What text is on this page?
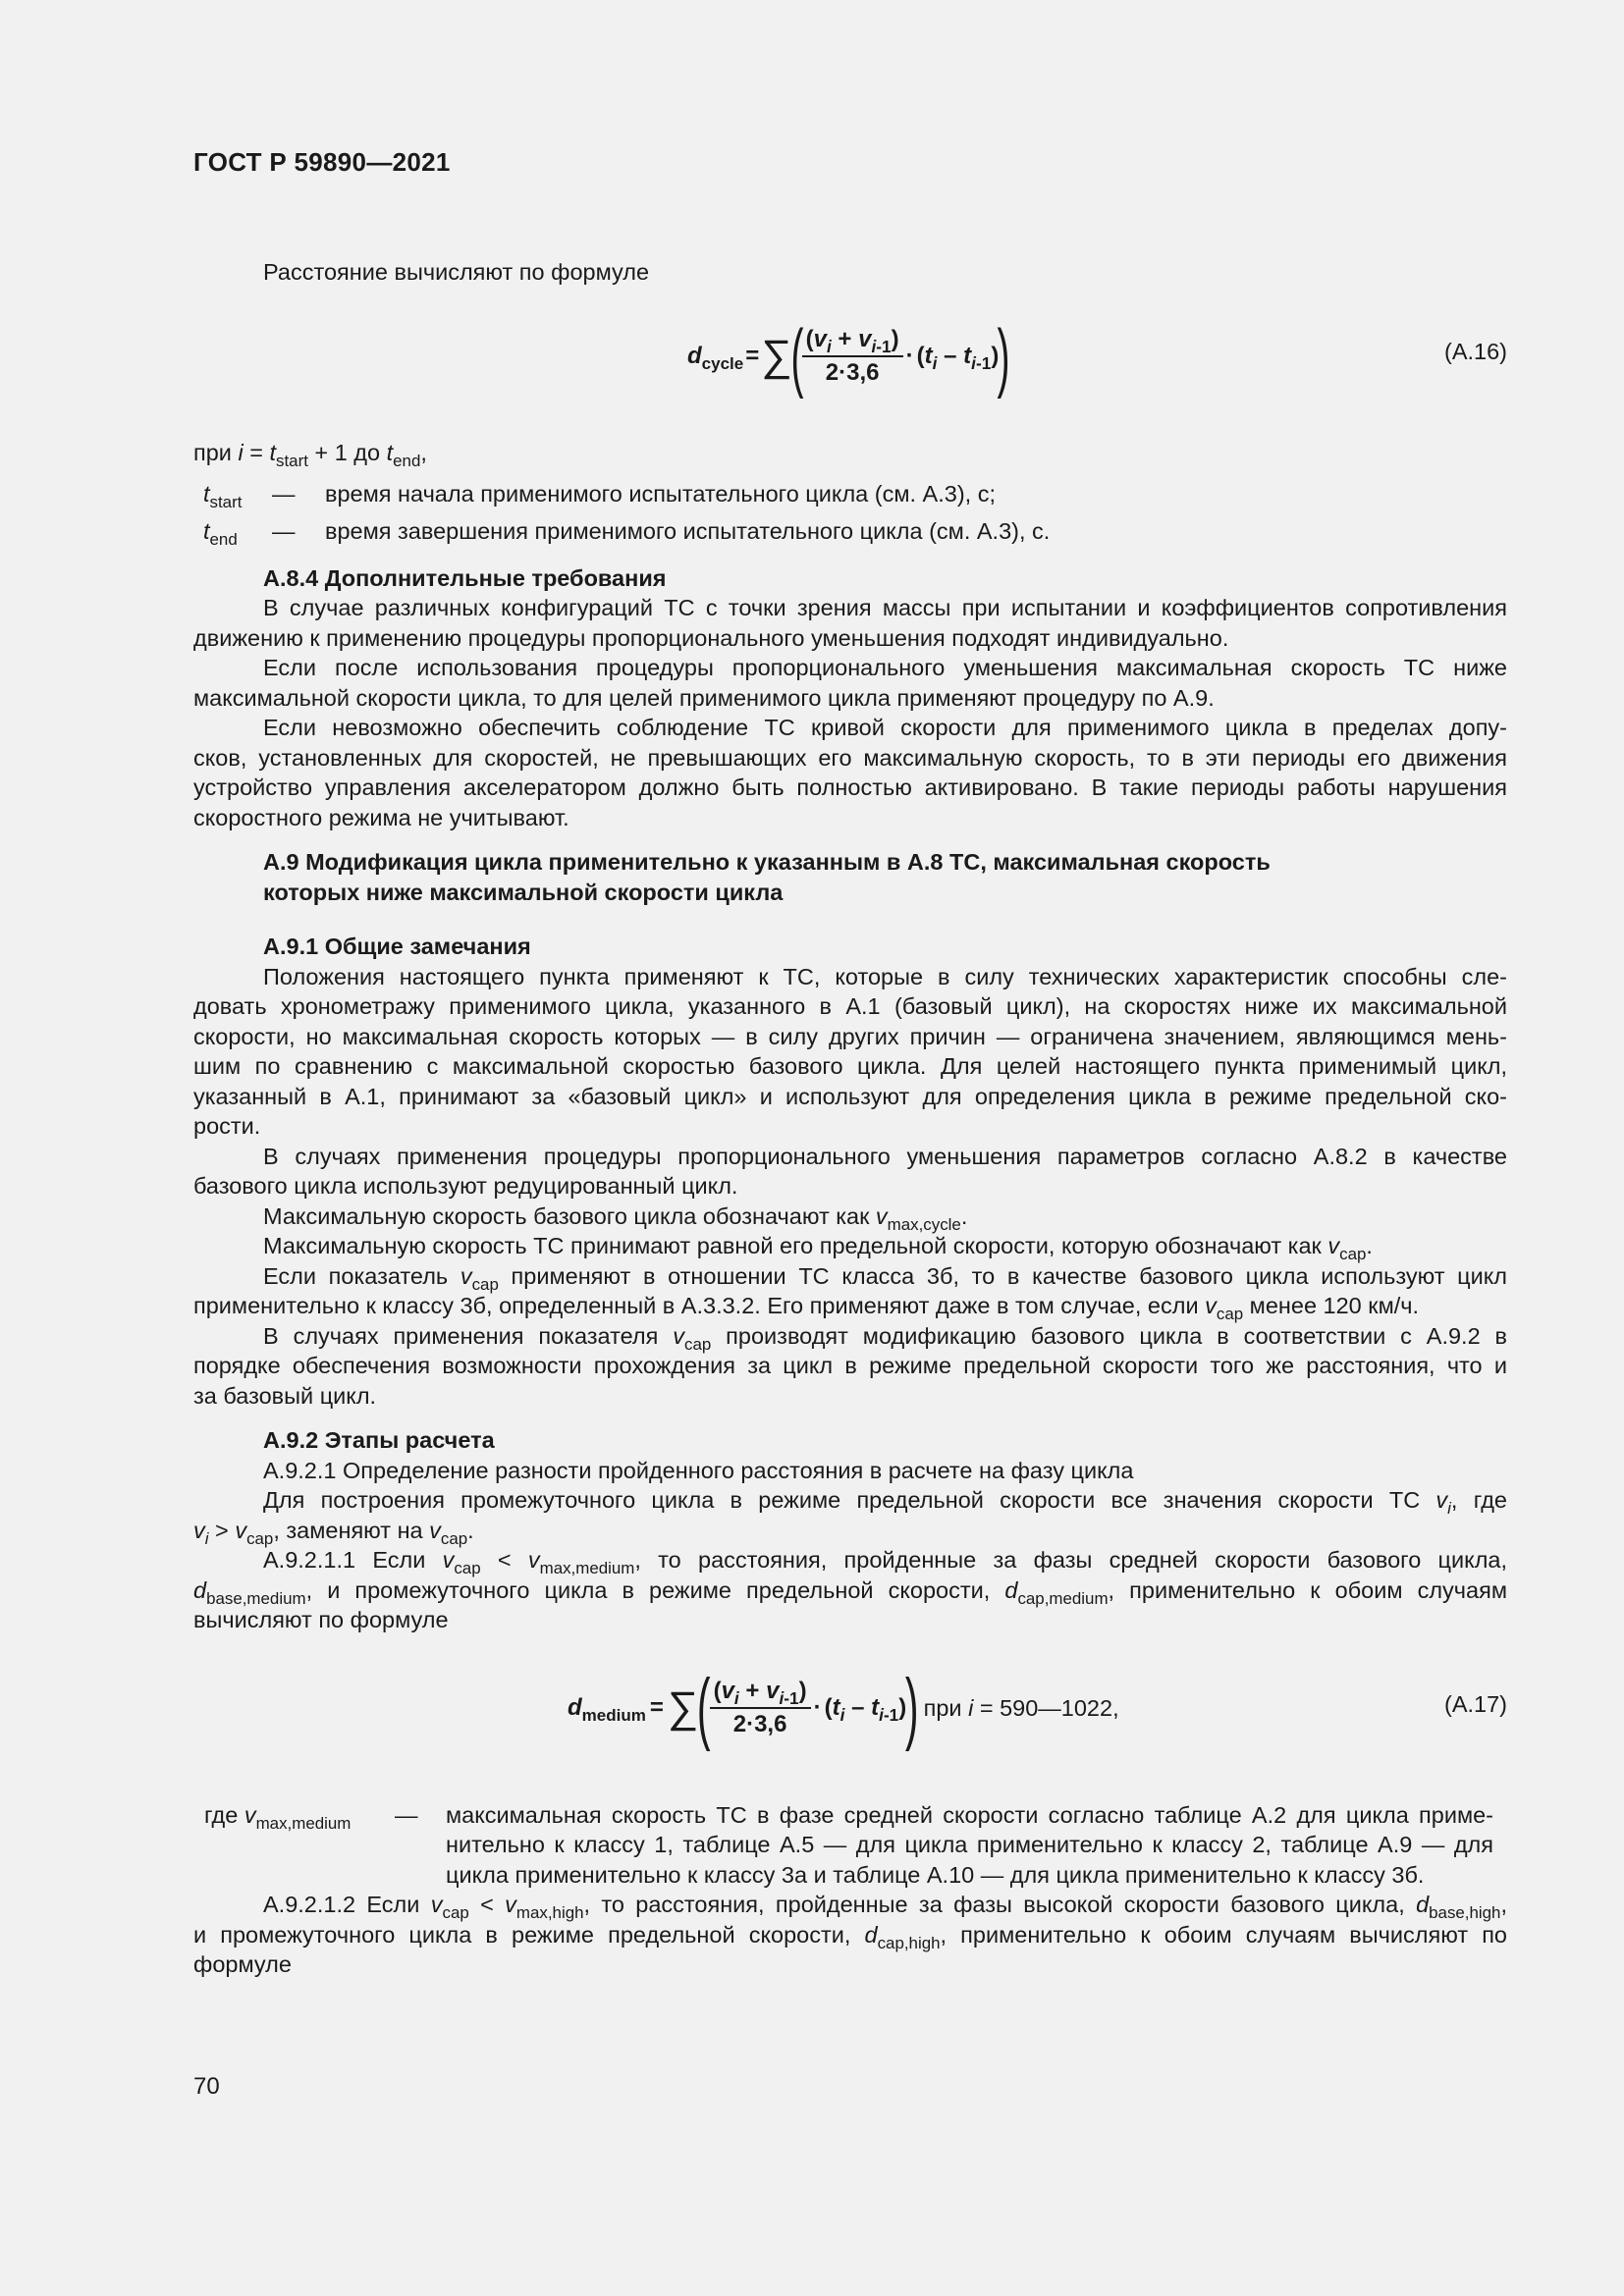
ГОСТ Р 59890—2021
Расстояние вычисляют по формуле
$d_{cycle}$ = ∑
(
$\frac{(v_i + v_{i-1})}{2\cdot 3,6} \cdot (t_i - t_{i-1})$
)	(А.16)
при $i = t_{start} + 1$ до $t_{end}$,
$t_{start}$ — время начала применимого испытательного цикла (см. А.3), с;
$t_{end}$ — время завершения применимого испытательного цикла (см. А.3), с.
А.8.4 Дополнительные требования
В случае различных конфигураций ТС с точки зрения массы при испытании и коэффициентов сопротивления
движению к применению процедуры пропорционального уменьшения подходят индивидуально.
Если после использования процедуры пропорционального уменьшения максимальная скорость ТС ниже
максимальной скорости цикла, то для целей применимого цикла применяют процедуру по А.9.
Если невозможно обеспечить соблюдение ТС кривой скорости для применимого цикла в пределах допу-
сков, установленных для скоростей, не превышающих его максимальную скорость, то в эти периоды его движения
устройство управления акселератором должно быть полностью активировано. В такие периоды работы нарушения
скоростного режима не учитывают.
А.9 Модификация цикла применительно к указанным в А.8 ТС, максимальная скорость
которых ниже максимальной скорости цикла
А.9.1 Общие замечания
Положения настоящего пункта применяют к ТС, которые в силу технических характеристик способны сле-
довать хронометражу применимого цикла, указанного в А.1 (базовый цикл), на скоростях ниже их максимальной
скорости, но максимальная скорость которых — в силу других причин — ограничена значением, являющимся мень-
шим по сравнению с максимальной скоростью базового цикла. Для целей настоящего пункта применимый цикл,
указанный в А.1, принимают за «базовый цикл» и используют для определения цикла в режиме предельной ско-
рости.
В случаях применения процедуры пропорционального уменьшения параметров согласно А.8.2 в качестве
базового цикла используют редуцированный цикл.
Максимальную скорость базового цикла обозначают как $v_{max,cycle}$.
Максимальную скорость ТС принимают равной его предельной скорости, которую обозначают как $v_{cap}$.
Если показатель $v_{cap}$ применяют в отношении ТС класса 3б, то в качестве базового цикла используют цикл
применительно к классу 3б, определенный в А.3.3.2. Его применяют даже в том случае, если $v_{cap}$ менее 120 км/ч.
В случаях применения показателя $v_{cap}$ производят модификацию базового цикла в соответствии с А.9.2 в
порядке обеспечения возможности прохождения за цикл в режиме предельной скорости того же расстояния, что и
за базовый цикл.
А.9.2 Этапы расчета
А.9.2.1 Определение разности пройденного расстояния в расчете на фазу цикла
Для построения промежуточного цикла в режиме предельной скорости все значения скорости ТС $v_i$, где
$v_i > v_{cap}$, заменяют на $v_{cap}$.
А.9.2.1.1 Если $v_{cap} < v_{max,medium}$, то расстояния, пройденные за фазы средней скорости базового цикла,
$d_{base,medium}$, и промежуточного цикла в режиме предельной скорости, $d_{cap,medium}$, применительно к обоим случаям
вычисляют по формуле
$d_{medium}$ = ∑
(
$\frac{(v_i + v_{i-1})}{2\cdot 3,6} \cdot (t_i - t_{i-1})$
) при i = 590—1022,	(А.17)
где $v_{max,medium}$ — максимальная скорость ТС в фазе средней скорости согласно таблице А.2 для цикла приме-
нительно к классу 1, таблице А.5 — для цикла применительно к классу 2, таблице А.9 — для
цикла применительно к классу 3а и таблице А.10 — для цикла применительно к классу 3б.
А.9.2.1.2 Если $v_{cap} < v_{max,high}$, то расстояния, пройденные за фазы высокой скорости базового цикла, $d_{base,high}$,
и промежуточного цикла в режиме предельной скорости, $d_{cap,high}$, применительно к обоим случаям вычисляют по
формуле
70
